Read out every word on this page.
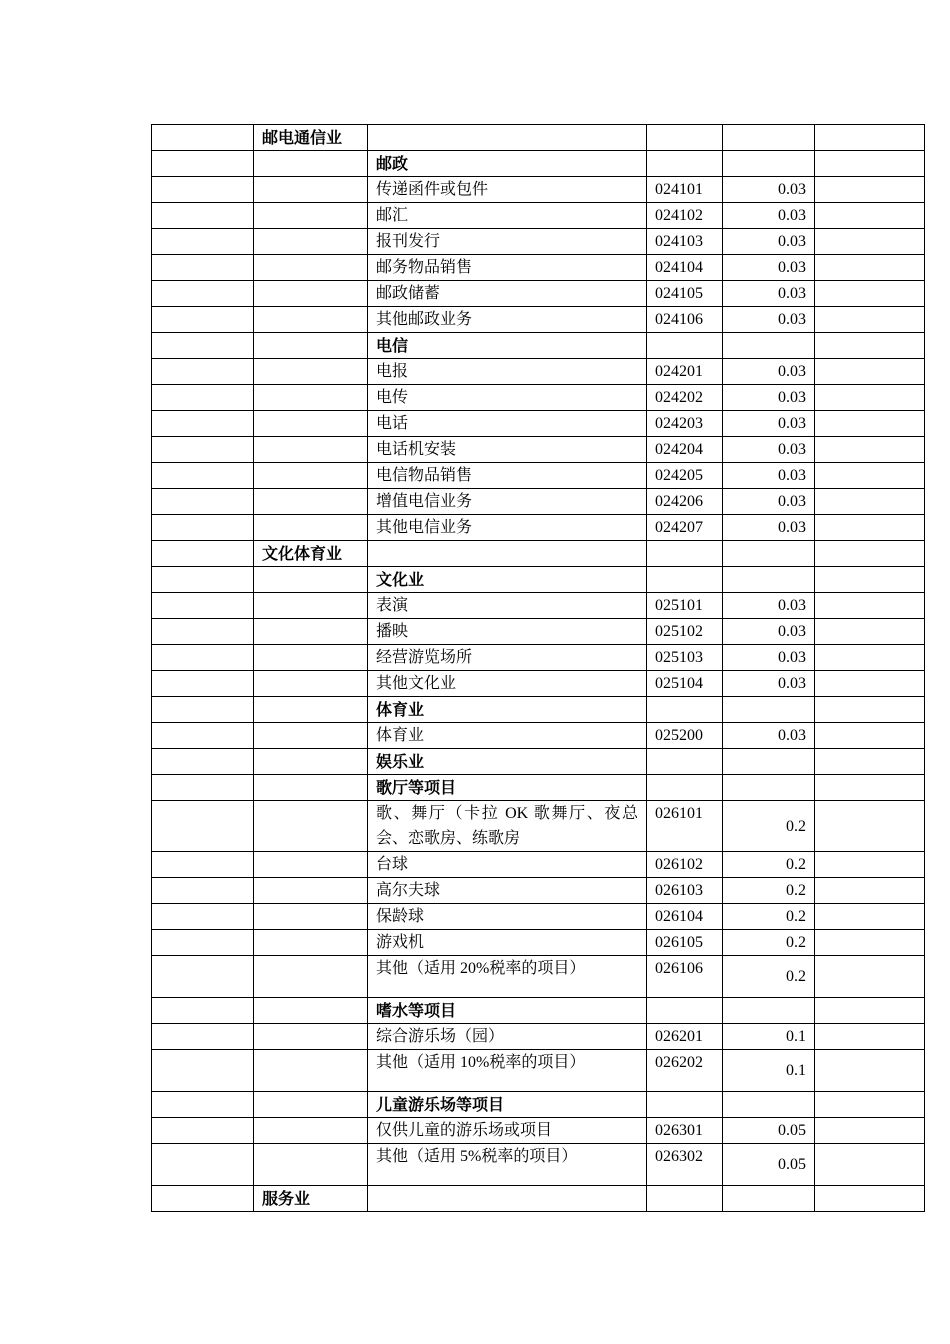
	邮电通信业				
		邮政			
		传递函件或包件	024101	0.03	
		邮汇	024102	0.03	
		报刊发行	024103	0.03	
		邮务物品销售	024104	0.03	
		邮政储蓄	024105	0.03	
		其他邮政业务	024106	0.03	
		电信			
		电报	024201	0.03	
		电传	024202	0.03	
		电话	024203	0.03	
		电话机安装	024204	0.03	
		电信物品销售	024205	0.03	
		增值电信业务	024206	0.03	
		其他电信业务	024207	0.03	
	文化体育业				
		文化业			
		表演	025101	0.03	
		播映	025102	0.03	
		经营游览场所	025103	0.03	
		其他文化业	025104	0.03	
		体育业			
		体育业	025200	0.03	
		娱乐业			
		歌厅等项目			
		歌、舞厅（卡拉 OK 歌舞厅、夜总会、恋歌房、练歌房	026101	0.2	
		台球	026102	0.2	
		高尔夫球	026103	0.2	
		保龄球	026104	0.2	
		游戏机	026105	0.2	
		其他（适用 20%税率的项目）	026106	0.2	
		嗜水等项目			
		综合游乐场（园）	026201	0.1	
		其他（适用 10%税率的项目）	026202	0.1	
		儿童游乐场等项目			
		仅供儿童的游乐场或项目	026301	0.05	
		其他（适用 5%税率的项目）	026302	0.05	
	服务业				
